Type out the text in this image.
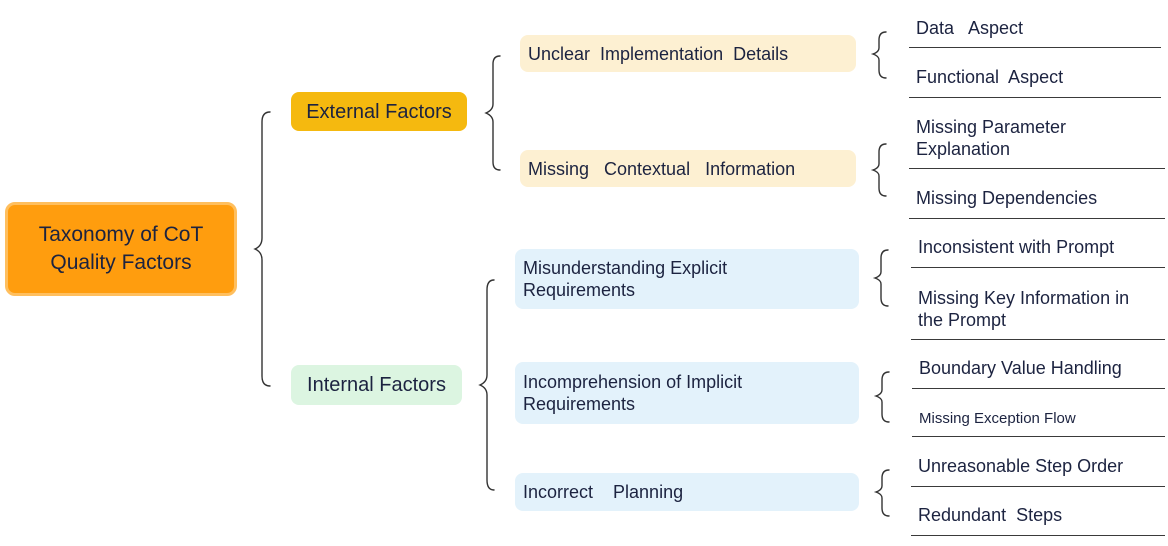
Taxonomy of CoT
Quality Factors
External Factors
Internal Factors
Unclear  Implementation  Details
Missing   Contextual   Information
Misunderstanding Explicit
Requirements
Incomprehension of Implicit
Requirements
Incorrect    Planning
Data   Aspect
Functional  Aspect
Missing Parameter
Explanation
Missing Dependencies
Inconsistent with Prompt
Missing Key Information in
the Prompt
Boundary Value Handling
Missing Exception Flow
Unreasonable Step Order
Redundant  Steps
